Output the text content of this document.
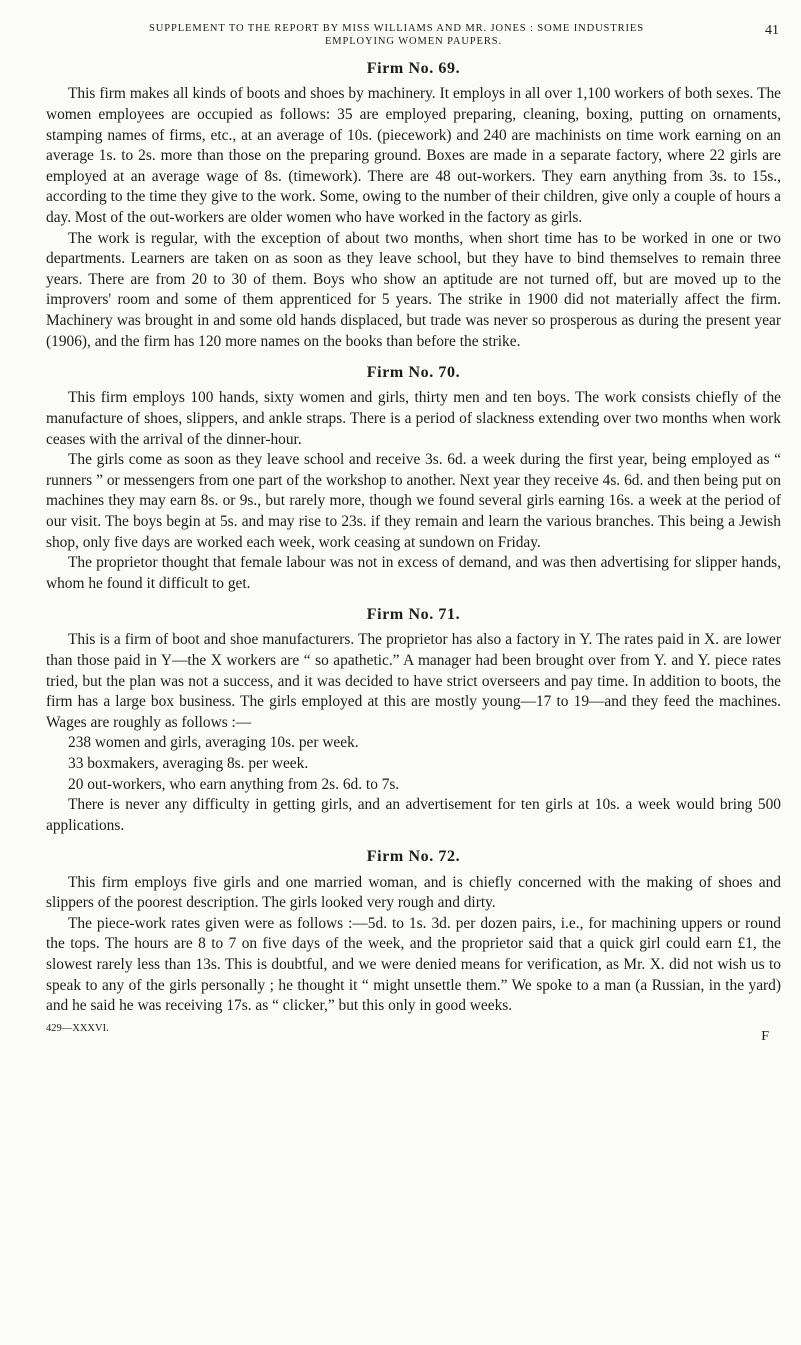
SUPPLEMENT TO THE REPORT BY MISS WILLIAMS AND MR. JONES : SOME INDUSTRIES	41
EMPLOYING WOMEN PAUPERS.
Firm No. 69.

This firm makes all kinds of boots and shoes by machinery. It employs in all over 1,100 workers of both sexes. The women employees are occupied as follows: 35 are employed preparing, cleaning, boxing, putting on ornaments, stamping names of firms, etc., at an average of 10s. (piecework) and 240 are machinists on time work earning on an average 1s. to 2s. more than those on the preparing ground. Boxes are made in a separate factory, where 22 girls are employed at an average wage of 8s. (timework). There are 48 out-workers. They earn anything from 3s. to 15s., according to the time they give to the work. Some, owing to the number of their children, give only a couple of hours a day. Most of the out-workers are older women who have worked in the factory as girls.

The work is regular, with the exception of about two months, when short time has to be worked in one or two departments. Learners are taken on as soon as they leave school, but they have to bind themselves to remain three years. There are from 20 to 30 of them. Boys who show an aptitude are not turned off, but are moved up to the improvers' room and some of them apprenticed for 5 years. The strike in 1900 did not materially affect the firm. Machinery was brought in and some old hands displaced, but trade was never so prosperous as during the present year (1906), and the firm has 120 more names on the books than before the strike.

Firm No. 70.

This firm employs 100 hands, sixty women and girls, thirty men and ten boys. The work consists chiefly of the manufacture of shoes, slippers, and ankle straps. There is a period of slackness extending over two months when work ceases with the arrival of the dinner-hour.

The girls come as soon as they leave school and receive 3s. 6d. a week during the first year, being employed as “ runners ” or messengers from one part of the workshop to another. Next year they receive 4s. 6d. and then being put on machines they may earn 8s. or 9s., but rarely more, though we found several girls earning 16s. a week at the period of our visit. The boys begin at 5s. and may rise to 23s. if they remain and learn the various branches. This being a Jewish shop, only five days are worked each week, work ceasing at sundown on Friday.

The proprietor thought that female labour was not in excess of demand, and was then advertising for slipper hands, whom he found it difficult to get.

Firm No. 71.

This is a firm of boot and shoe manufacturers. The proprietor has also a factory in Y. The rates paid in X. are lower than those paid in Y—the X workers are “ so apathetic.” A manager had been brought over from Y. and Y. piece rates tried, but the plan was not a success, and it was decided to have strict overseers and pay time. In addition to boots, the firm has a large box business. The girls employed at this are mostly young—17 to 19—and they feed the machines. Wages are roughly as follows :—

238 women and girls, averaging 10s. per week.

33 boxmakers, averaging 8s. per week.

20 out-workers, who earn anything from 2s. 6d. to 7s.

There is never any difficulty in getting girls, and an advertisement for ten girls at 10s. a week would bring 500 applications.

Firm No. 72.

This firm employs five girls and one married woman, and is chiefly concerned with the making of shoes and slippers of the poorest description. The girls looked very rough and dirty.

The piece-work rates given were as follows :—5d. to 1s. 3d. per dozen pairs, i.e., for machining uppers or round the tops. The hours are 8 to 7 on five days of the week, and the proprietor said that a quick girl could earn £1, the slowest rarely less than 13s. This is doubtful, and we were denied means for verification, as Mr. X. did not wish us to speak to any of the girls personally ; he thought it “ might unsettle them.” We spoke to a man (a Russian, in the yard) and he said he was receiving 17s. as “ clicker,” but this only in good weeks.

429—XXXVI.
F
